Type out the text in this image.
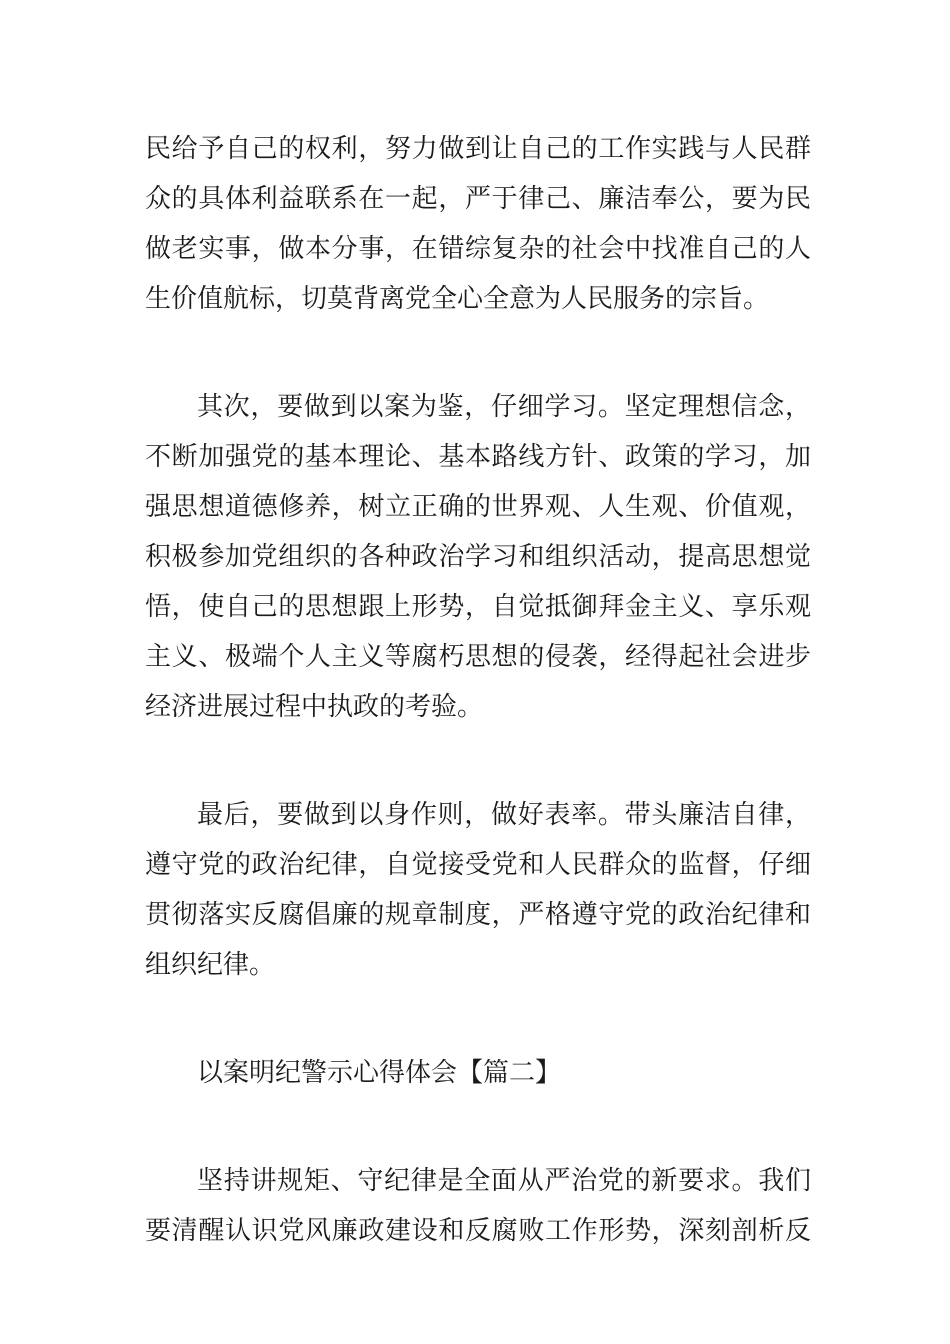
民给予自己的权利，努力做到让自己的工作实践与人民群
众的具体利益联系在一起，严于律己、廉洁奉公，要为民
做老实事，做本分事，在错综复杂的社会中找准自己的人
生价值航标，切莫背离党全心全意为人民服务的宗旨。
其次，要做到以案为鉴，仔细学习。坚定理想信念，
不断加强党的基本理论、基本路线方针、政策的学习，加
强思想道德修养，树立正确的世界观、人生观、价值观，
积极参加党组织的各种政治学习和组织活动，提高思想觉
悟，使自己的思想跟上形势，自觉抵御拜金主义、享乐观
主义、极端个人主义等腐朽思想的侵袭，经得起社会进步
经济进展过程中执政的考验。
最后，要做到以身作则，做好表率。带头廉洁自律，
遵守党的政治纪律，自觉接受党和人民群众的监督，仔细
贯彻落实反腐倡廉的规章制度，严格遵守党的政治纪律和
组织纪律。
以案明纪警示心得体会【篇二】
坚持讲规矩、守纪律是全面从严治党的新要求。我们
要清醒认识党风廉政建设和反腐败工作形势，深刻剖析反
